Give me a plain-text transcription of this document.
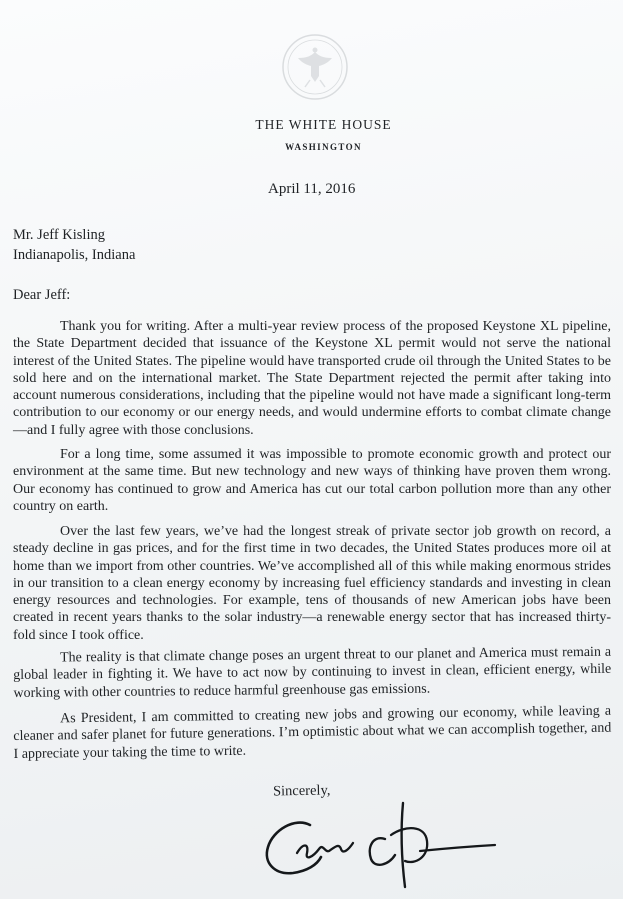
THE WHITE HOUSE
WASHINGTON
April 11, 2016
Mr. Jeff Kisling
Indianapolis, Indiana
Dear Jeff:

Thank you for writing. After a multi-year review process of the proposed Keystone XL pipeline, the State Department decided that issuance of the Keystone XL permit would not serve the national interest of the United States. The pipeline would have transported crude oil through the United States to be sold here and on the international market. The State Department rejected the permit after taking into account numerous considerations, including that the pipeline would not have made a significant long-term contribution to our economy or our energy needs, and would undermine efforts to combat climate change—and I fully agree with those conclusions.

For a long time, some assumed it was impossible to promote economic growth and protect our environment at the same time. But new technology and new ways of thinking have proven them wrong. Our economy has continued to grow and America has cut our total carbon pollution more than any other country on earth.

Over the last few years, we’ve had the longest streak of private sector job growth on record, a steady decline in gas prices, and for the first time in two decades, the United States produces more oil at home than we import from other countries. We’ve accomplished all of this while making enormous strides in our transition to a clean energy economy by increasing fuel efficiency standards and investing in clean energy resources and technologies. For example, tens of thousands of new American jobs have been created in recent years thanks to the solar industry—a renewable energy sector that has increased thirty-fold since I took office.

The reality is that climate change poses an urgent threat to our planet and America must remain a global leader in fighting it. We have to act now by continuing to invest in clean, efficient energy, while working with other countries to reduce harmful greenhouse gas emissions.

As President, I am committed to creating new jobs and growing our economy, while leaving a cleaner and safer planet for future generations. I’m optimistic about what we can accomplish together, and I appreciate your taking the time to write.

Sincerely,
